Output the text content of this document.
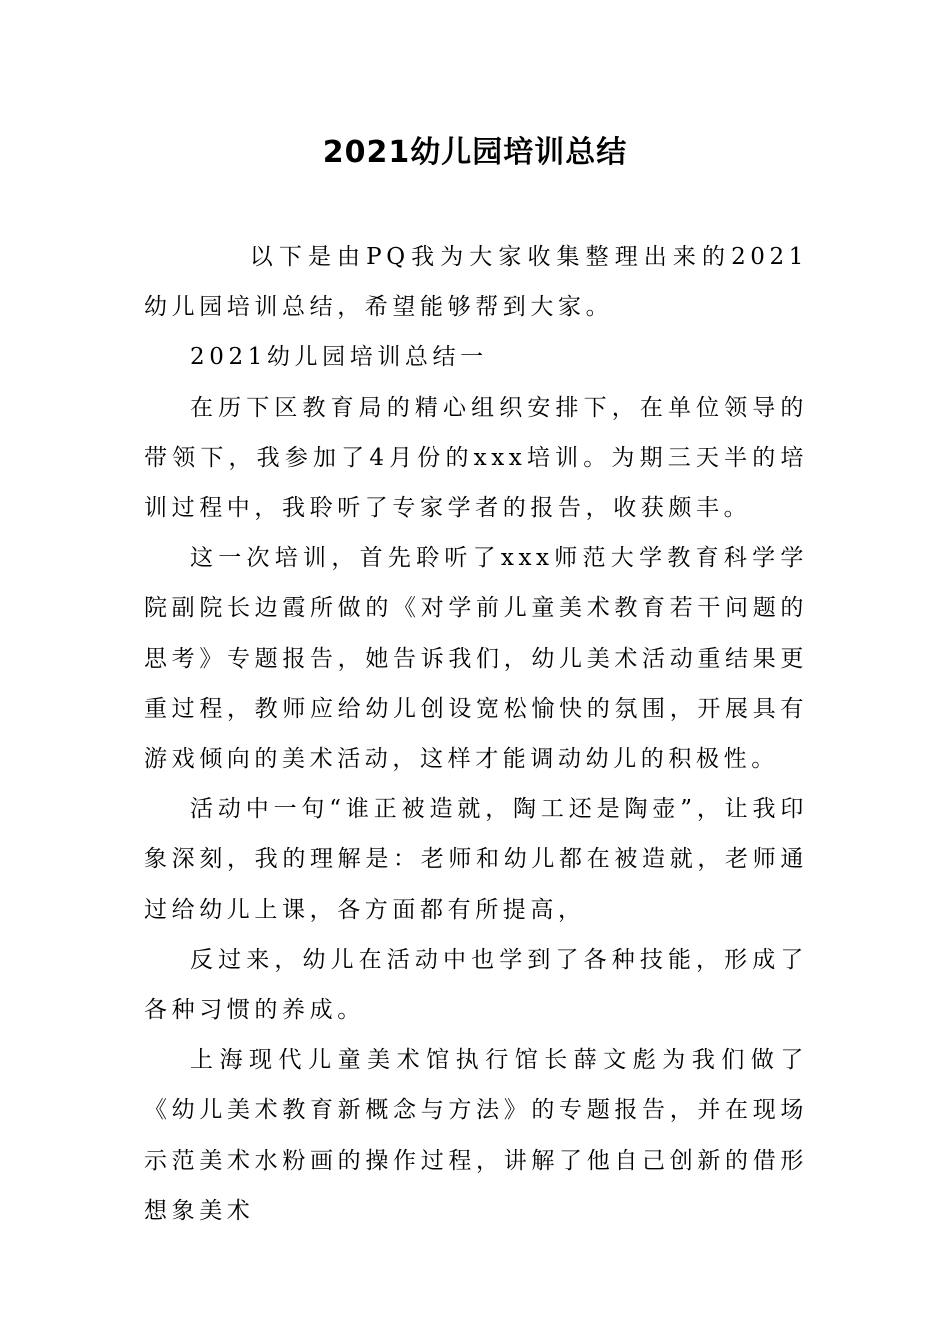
2021幼儿园培训总结

以下是由PQ我为大家收集整理出来的2021幼儿园培训总结，希望能够帮到大家。

2021幼儿园培训总结一

在历下区教育局的精心组织安排下，在单位领导的带领下，我参加了4月份的xxx培训。为期三天半的培训过程中，我聆听了专家学者的报告，收获颇丰。

这一次培训，首先聆听了xxx师范大学教育科学学院副院长边霞所做的《对学前儿童美术教育若干问题的思考》专题报告，她告诉我们，幼儿美术活动重结果更重过程，教师应给幼儿创设宽松愉快的氛围，开展具有游戏倾向的美术活动，这样才能调动幼儿的积极性。

活动中一句“谁正被造就，陶工还是陶壶”，让我印象深刻，我的理解是：老师和幼儿都在被造就，老师通过给幼儿上课，各方面都有所提高，

反过来，幼儿在活动中也学到了各种技能，形成了各种习惯的养成。

上海现代儿童美术馆执行馆长薛文彪为我们做了《幼儿美术教育新概念与方法》的专题报告，并在现场示范美术水粉画的操作过程，讲解了他自己创新的借形想象美术
